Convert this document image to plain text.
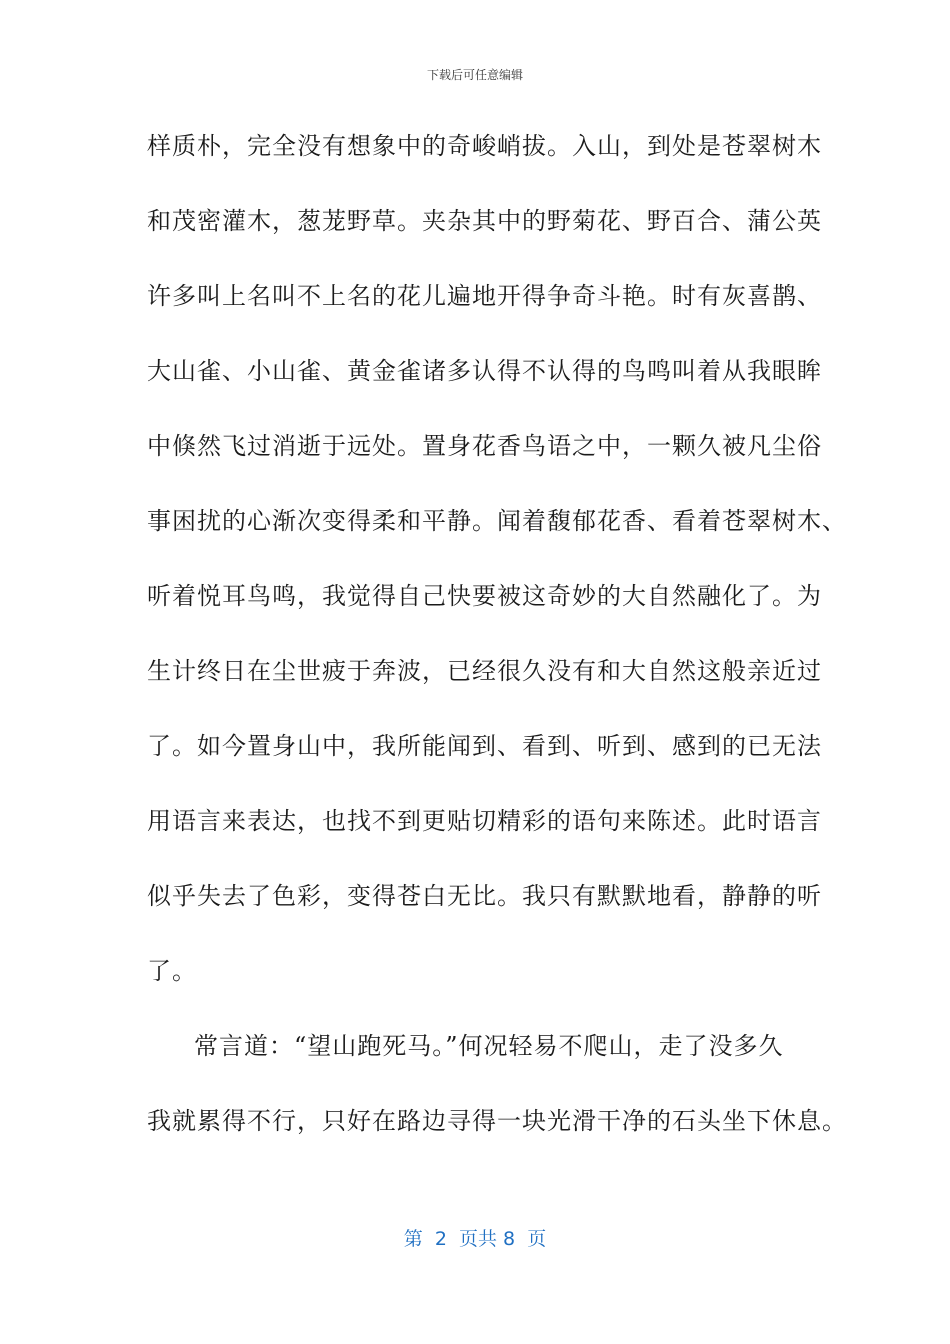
下载后可任意编辑
样质朴，完全没有想象中的奇峻峭拔。入山，到处是苍翠树木
和茂密灌木，葱茏野草。夹杂其中的野菊花、野百合、蒲公英
许多叫上名叫不上名的花儿遍地开得争奇斗艳。时有灰喜鹊、
大山雀、小山雀、黄金雀诸多认得不认得的鸟鸣叫着从我眼眸
中倏然飞过消逝于远处。置身花香鸟语之中，一颗久被凡尘俗
事困扰的心渐次变得柔和平静。闻着馥郁花香、看着苍翠树木、
听着悦耳鸟鸣，我觉得自己快要被这奇妙的大自然融化了。为
生计终日在尘世疲于奔波，已经很久没有和大自然这般亲近过
了。如今置身山中，我所能闻到、看到、听到、感到的已无法
用语言来表达，也找不到更贴切精彩的语句来陈述。此时语言
似乎失去了色彩，变得苍白无比。我只有默默地看，静静的听
了。
常言道：“望山跑死马。”何况轻易不爬山，走了没多久
我就累得不行，只好在路边寻得一块光滑干净的石头坐下休息。
第  2  页共 8  页
